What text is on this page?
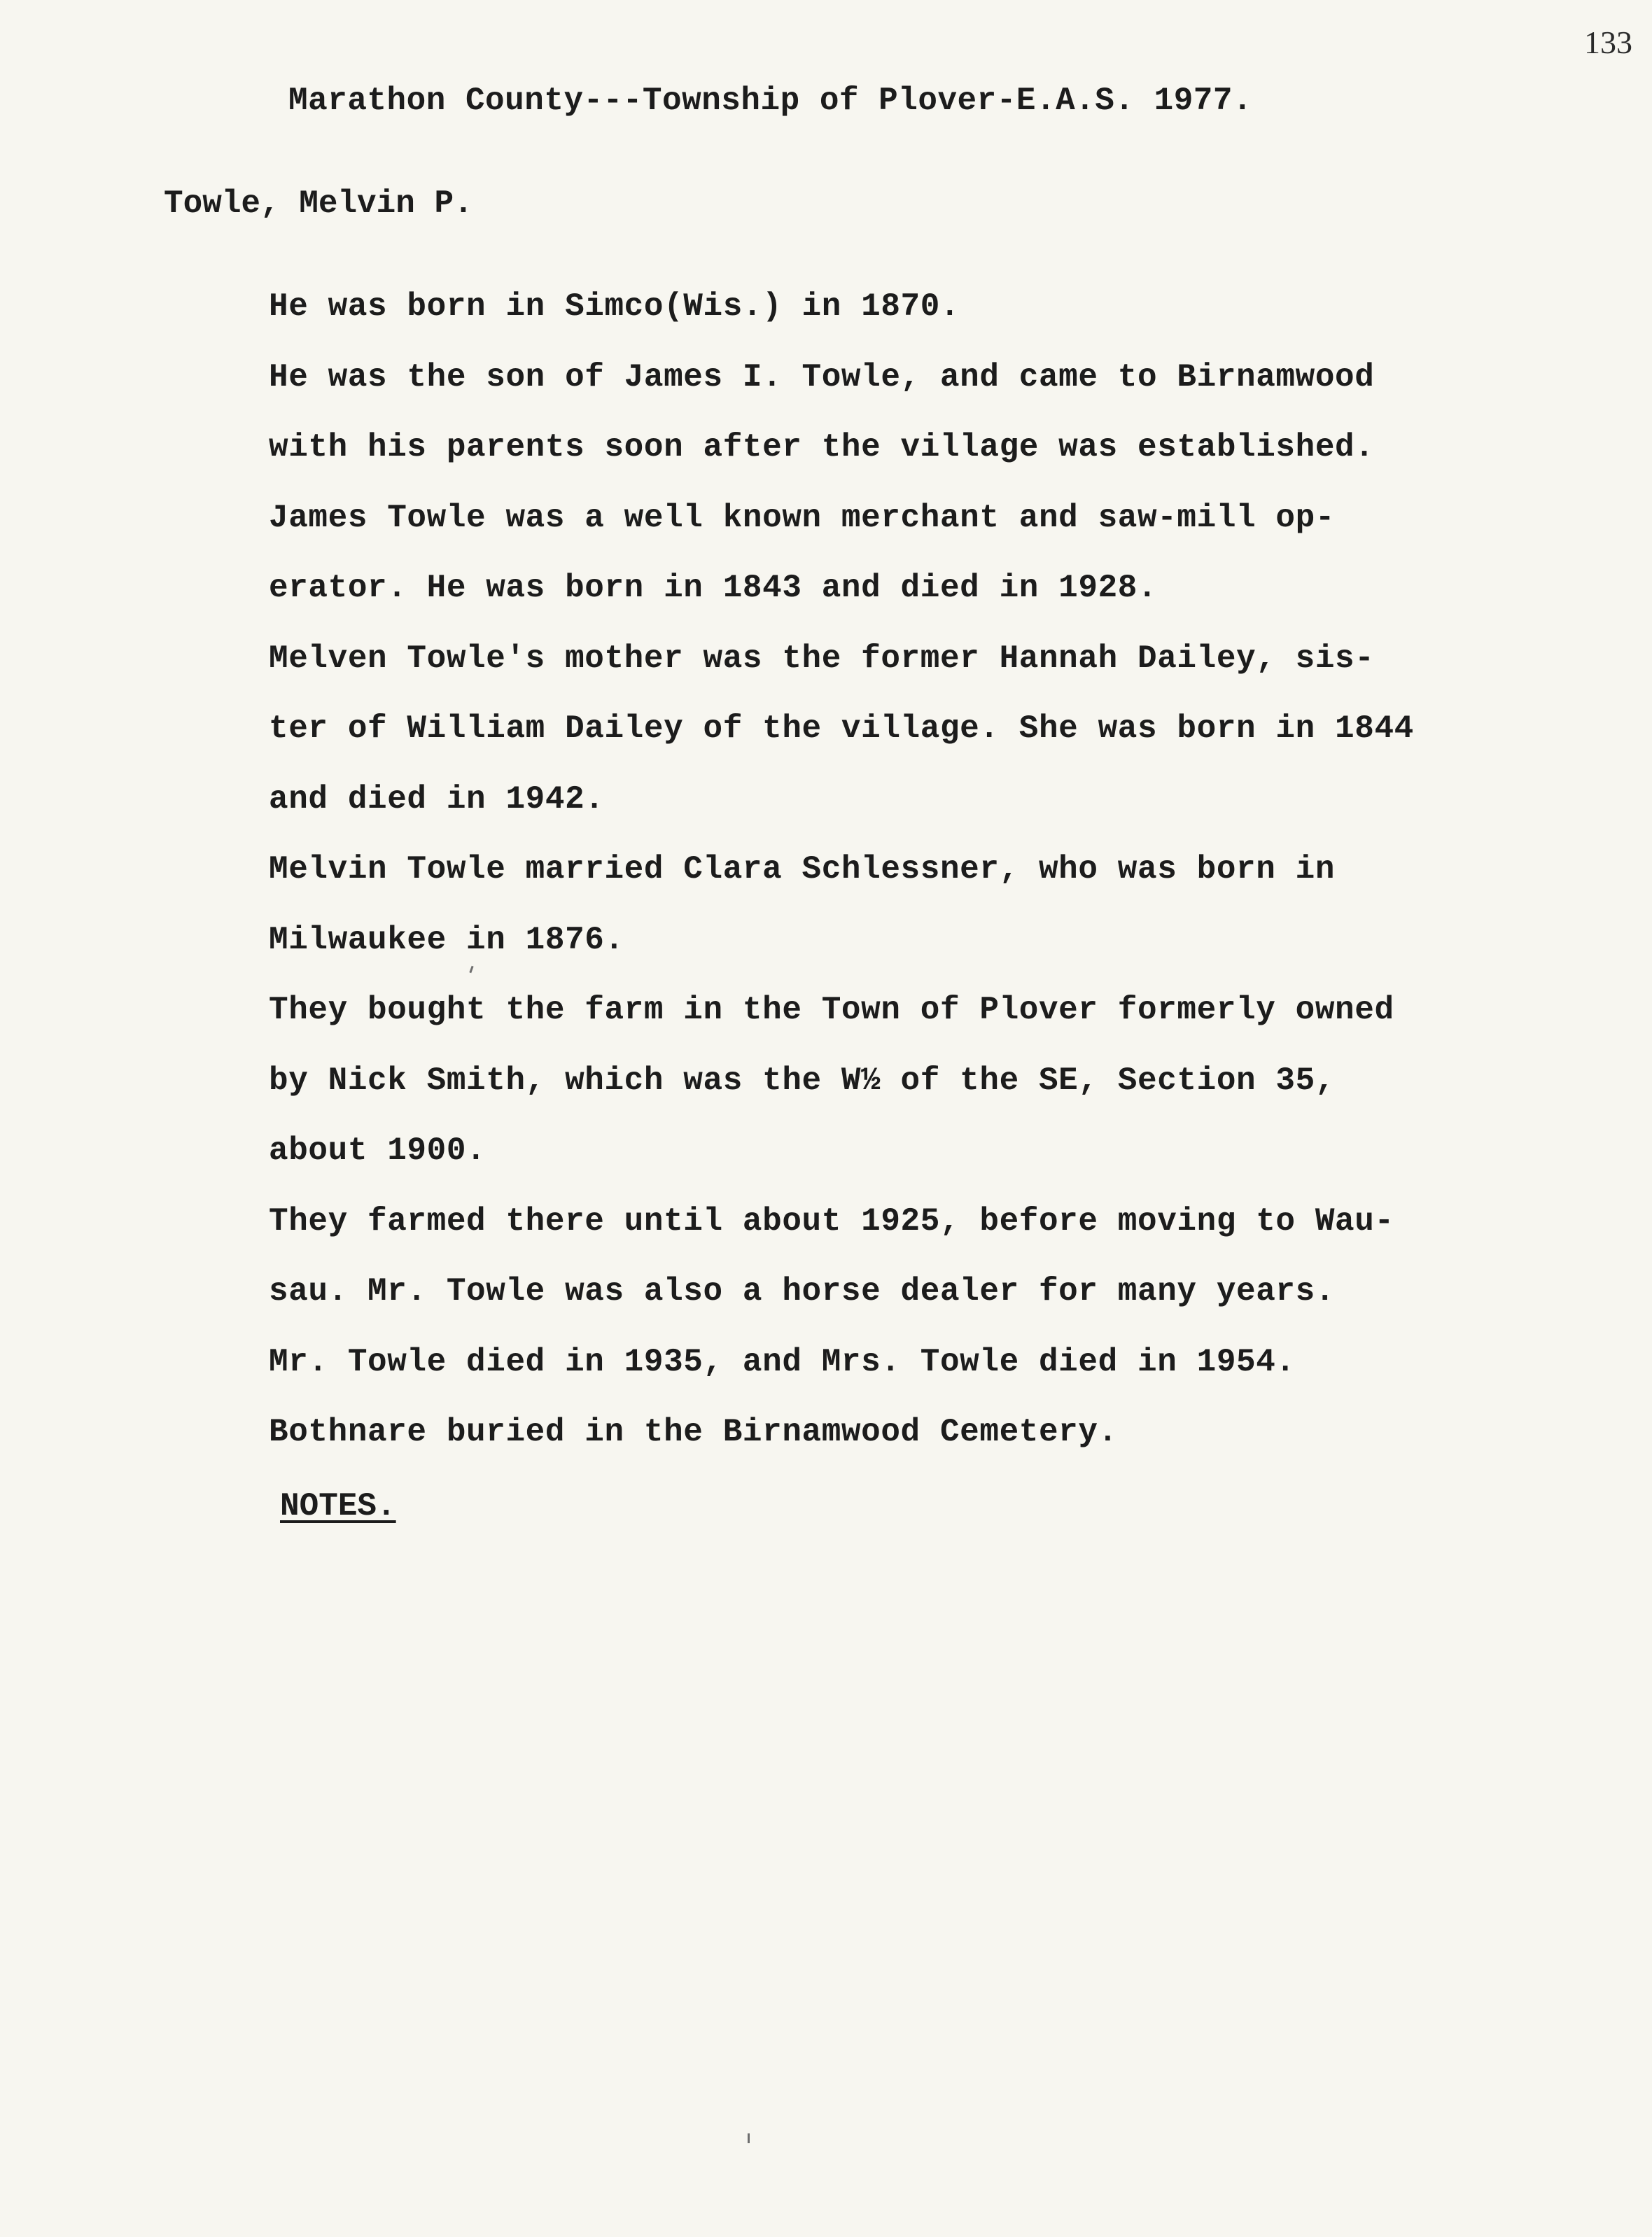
133
Marathon County---Township of Plover-E.A.S. 1977.
Towle, Melvin P.
He was born in Simco(Wis.) in 1870.
He was the son of James I. Towle, and came to Birnamwood
with his parents soon after the village was established.
James Towle was a well known merchant and saw-mill op-
erator. He was born in 1843 and died in 1928.
Melven Towle's mother was the former Hannah Dailey, sis-
ter of William Dailey of the village. She was born in 1844
and died in 1942.
Melvin Towle married Clara Schlessner, who was born in
Milwaukee in 1876.
They bought the farm in the Town of Plover formerly owned
by Nick Smith, which was the W½ of the SE, Section 35,
about 1900.
They farmed there until about 1925, before moving to Wau-
sau. Mr. Towle was also a horse dealer for many years.
Mr. Towle died in 1935, and Mrs. Towle died in 1954.
Bothnare buried in the Birnamwood Cemetery.
NOTES.
